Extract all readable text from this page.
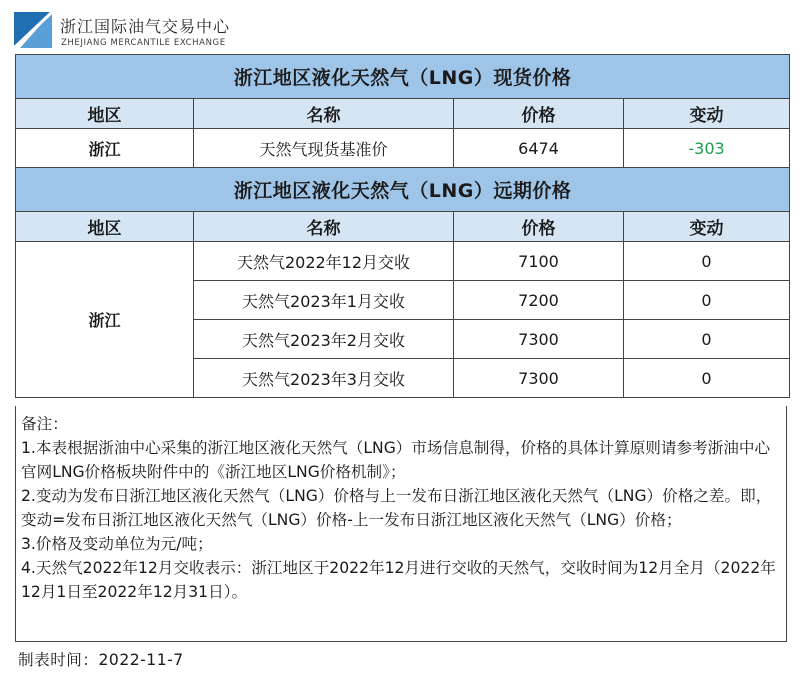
浙江国际油气交易中心
ZHEJIANG MERCANTILE EXCHANGE
浙江地区液化天然气（LNG）现货价格			
地区	名称	价格	变动
浙江	天然气现货基准价	6474	-303
浙江地区液化天然气（LNG）远期价格			
地区	名称	价格	变动
浙江	天然气2022年12月交收	7100	0
	天然气2023年1月交收	7200	0
	天然气2023年2月交收	7300	0
	天然气2023年3月交收	7300	0

备注：

1.本表根据浙油中心采集的浙江地区液化天然气（LNG）市场信息制得，价格的具体计算原则请参考浙油中心官网LNG价格板块附件中的《浙江地区LNG价格机制》；

2.变动为发布日浙江地区液化天然气（LNG）价格与上一发布日浙江地区液化天然气（LNG）价格之差。即，变动=发布日浙江地区液化天然气（LNG）价格-上一发布日浙江地区液化天然气（LNG）价格；

3.价格及变动单位为元/吨；

4.天然气2022年12月交收表示：浙江地区于2022年12月进行交收的天然气，交收时间为12月全月（2022年12月1日至2022年12月31日）。

制表时间：2022-11-7
